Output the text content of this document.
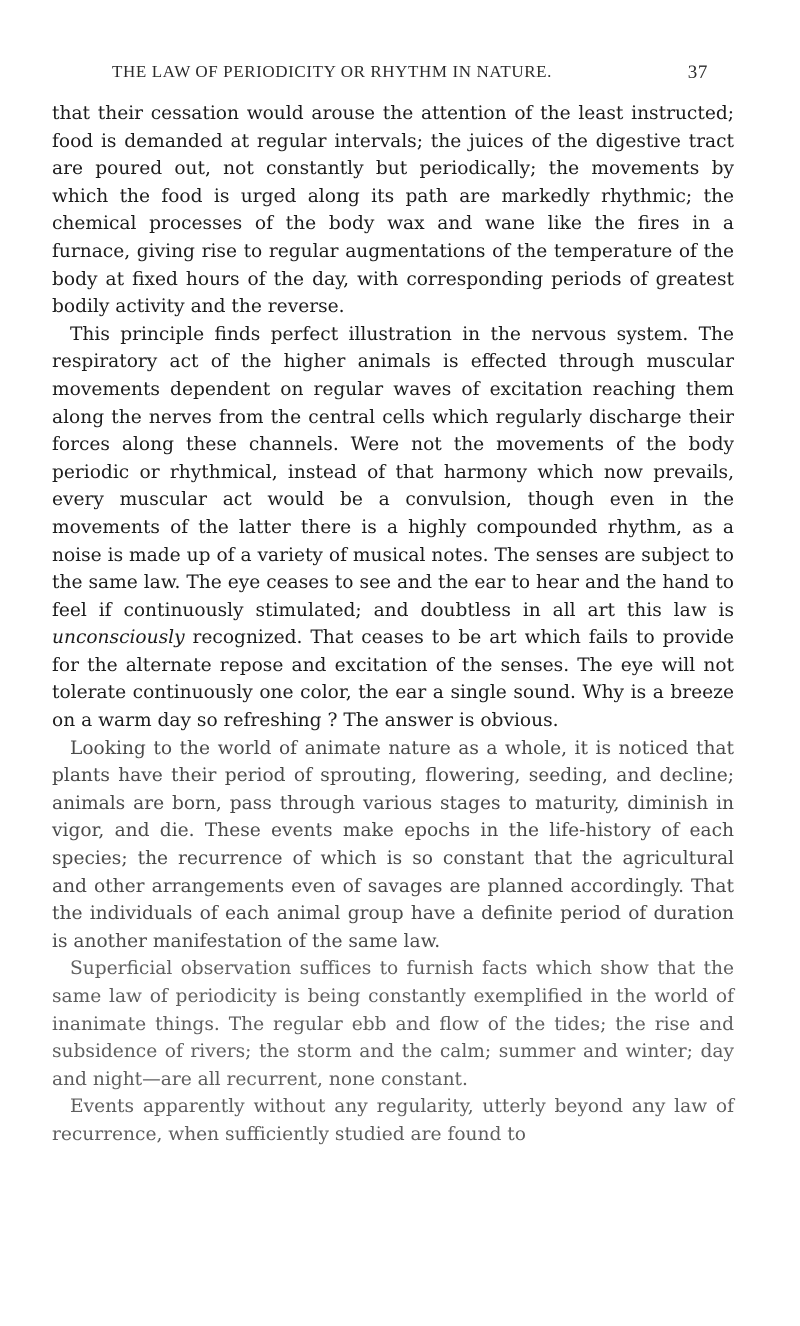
THE LAW OF PERIODICITY OR RHYTHM IN NATURE.	37

that their cessation would arouse the attention of the least instructed; food is demanded at regular intervals; the juices of the digestive tract are poured out, not constantly but periodically; the movements by which the food is urged along its path are markedly rhythmic; the chemical processes of the body wax and wane like the fires in a furnace, giving rise to regular augmentations of the temperature of the body at fixed hours of the day, with corresponding periods of greatest bodily activity and the reverse.

This principle finds perfect illustration in the nervous system. The respiratory act of the higher animals is effected through muscular movements dependent on regular waves of excitation reaching them along the nerves from the central cells which regularly discharge their forces along these channels. Were not the movements of the body periodic or rhythmical, instead of that harmony which now prevails, every muscular act would be a convulsion, though even in the movements of the latter there is a highly compounded rhythm, as a noise is made up of a variety of musical notes. The senses are subject to the same law. The eye ceases to see and the ear to hear and the hand to feel if continuously stimulated; and doubtless in all art this law is unconsciously recognized. That ceases to be art which fails to provide for the alternate repose and excitation of the senses. The eye will not tolerate continuously one color, the ear a single sound. Why is a breeze on a warm day so refreshing ? The answer is obvious.

Looking to the world of animate nature as a whole, it is noticed that plants have their period of sprouting, flowering, seeding, and decline; animals are born, pass through various stages to maturity, diminish in vigor, and die. These events make epochs in the life-history of each species; the recurrence of which is so constant that the agricultural and other arrangements even of savages are planned accordingly. That the individuals of each animal group have a definite period of duration is another manifestation of the same law.

Superficial observation suffices to furnish facts which show that the same law of periodicity is being constantly exemplified in the world of inanimate things. The regular ebb and flow of the tides; the rise and subsidence of rivers; the storm and the calm; summer and winter; day and night—are all recurrent, none constant.

Events apparently without any regularity, utterly beyond any law of recurrence, when sufficiently studied are found to
